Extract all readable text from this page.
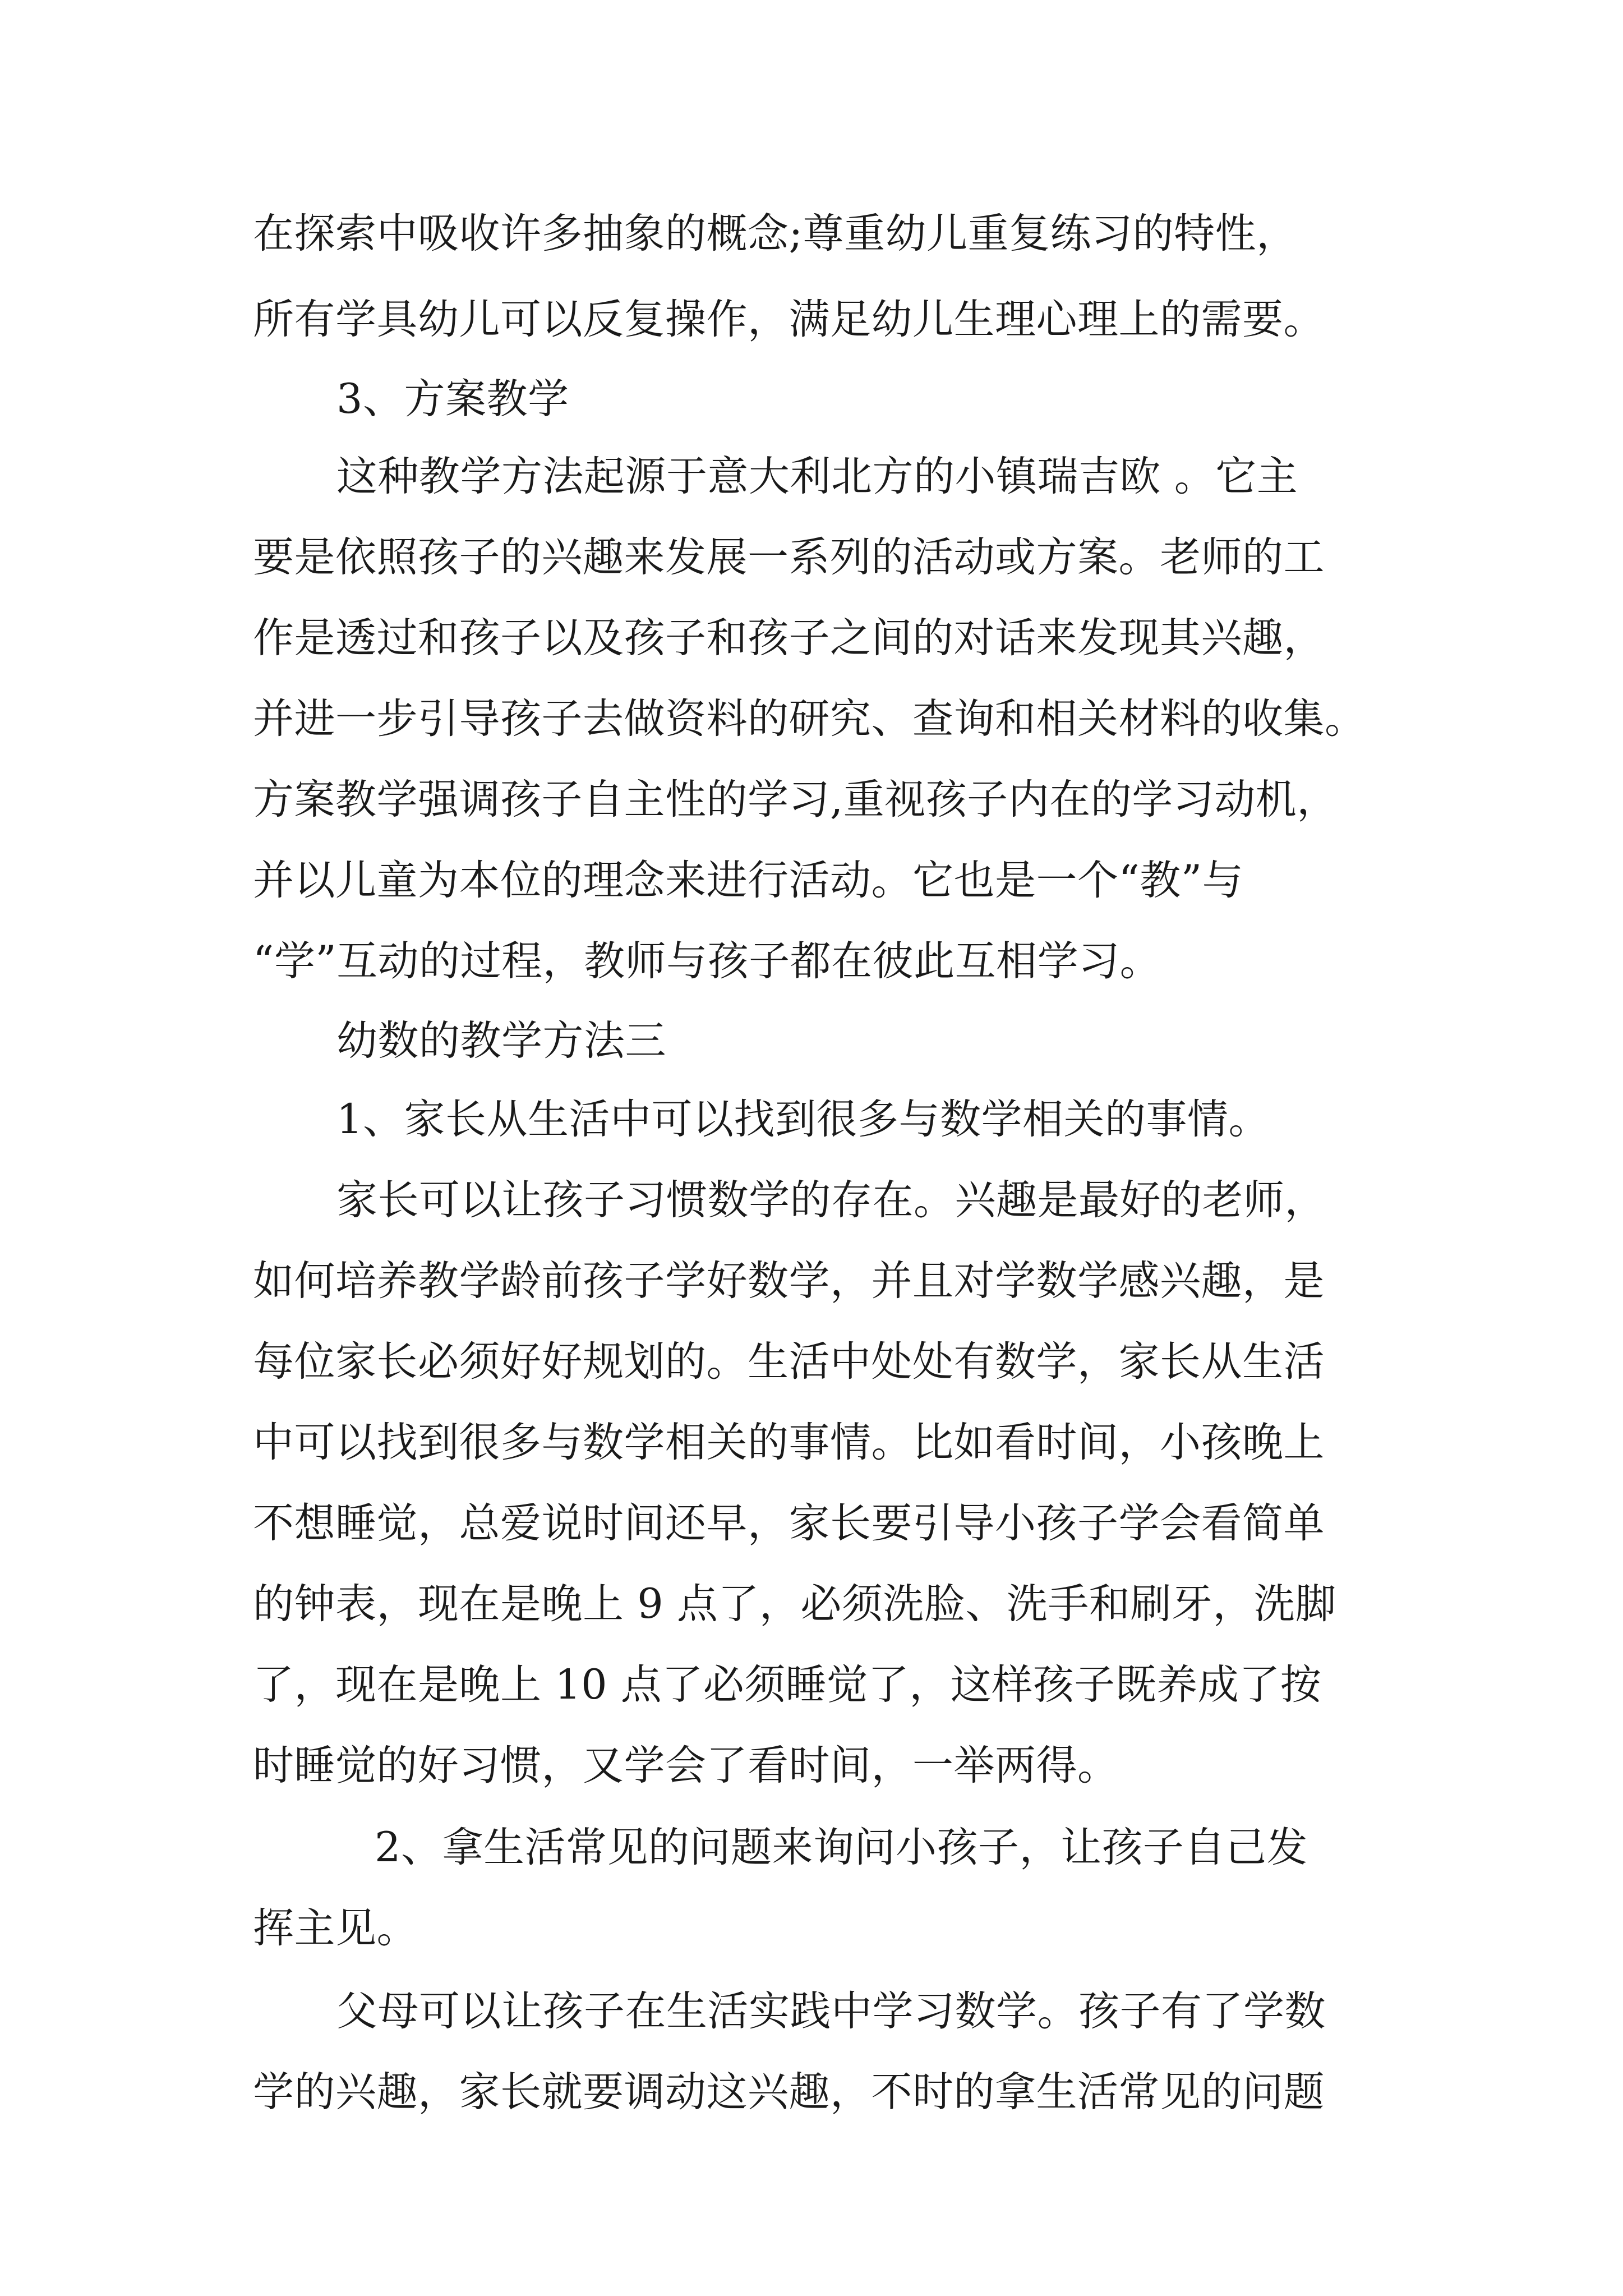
在探索中吸收许多抽象的概念;尊重幼儿重复练习的特性，

所有学具幼儿可以反复操作，满足幼儿生理心理上的需要。

3、方案教学

这种教学方法起源于意大利北方的小镇瑞吉欧 。它主

要是依照孩子的兴趣来发展一系列的活动或方案。老师的工

作是透过和孩子以及孩子和孩子之间的对话来发现其兴趣，

并进一步引导孩子去做资料的研究、查询和相关材料的收集。

方案教学强调孩子自主性的学习,重视孩子内在的学习动机，

并以儿童为本位的理念来进行活动。它也是一个“教”与

“学”互动的过程，教师与孩子都在彼此互相学习。

幼数的教学方法三

1、家长从生活中可以找到很多与数学相关的事情。

家长可以让孩子习惯数学的存在。兴趣是最好的老师，

如何培养教学龄前孩子学好数学，并且对学数学感兴趣，是

每位家长必须好好规划的。生活中处处有数学，家长从生活

中可以找到很多与数学相关的事情。比如看时间，小孩晚上

不想睡觉，总爱说时间还早，家长要引导小孩子学会看简单

的钟表，现在是晚上 9 点了，必须洗脸、洗手和刷牙，洗脚

了，现在是晚上 10 点了必须睡觉了，这样孩子既养成了按

时睡觉的好习惯，又学会了看时间，一举两得。

2、拿生活常见的问题来询问小孩子，让孩子自己发

挥主见。

父母可以让孩子在生活实践中学习数学。孩子有了学数

学的兴趣，家长就要调动这兴趣，不时的拿生活常见的问题
